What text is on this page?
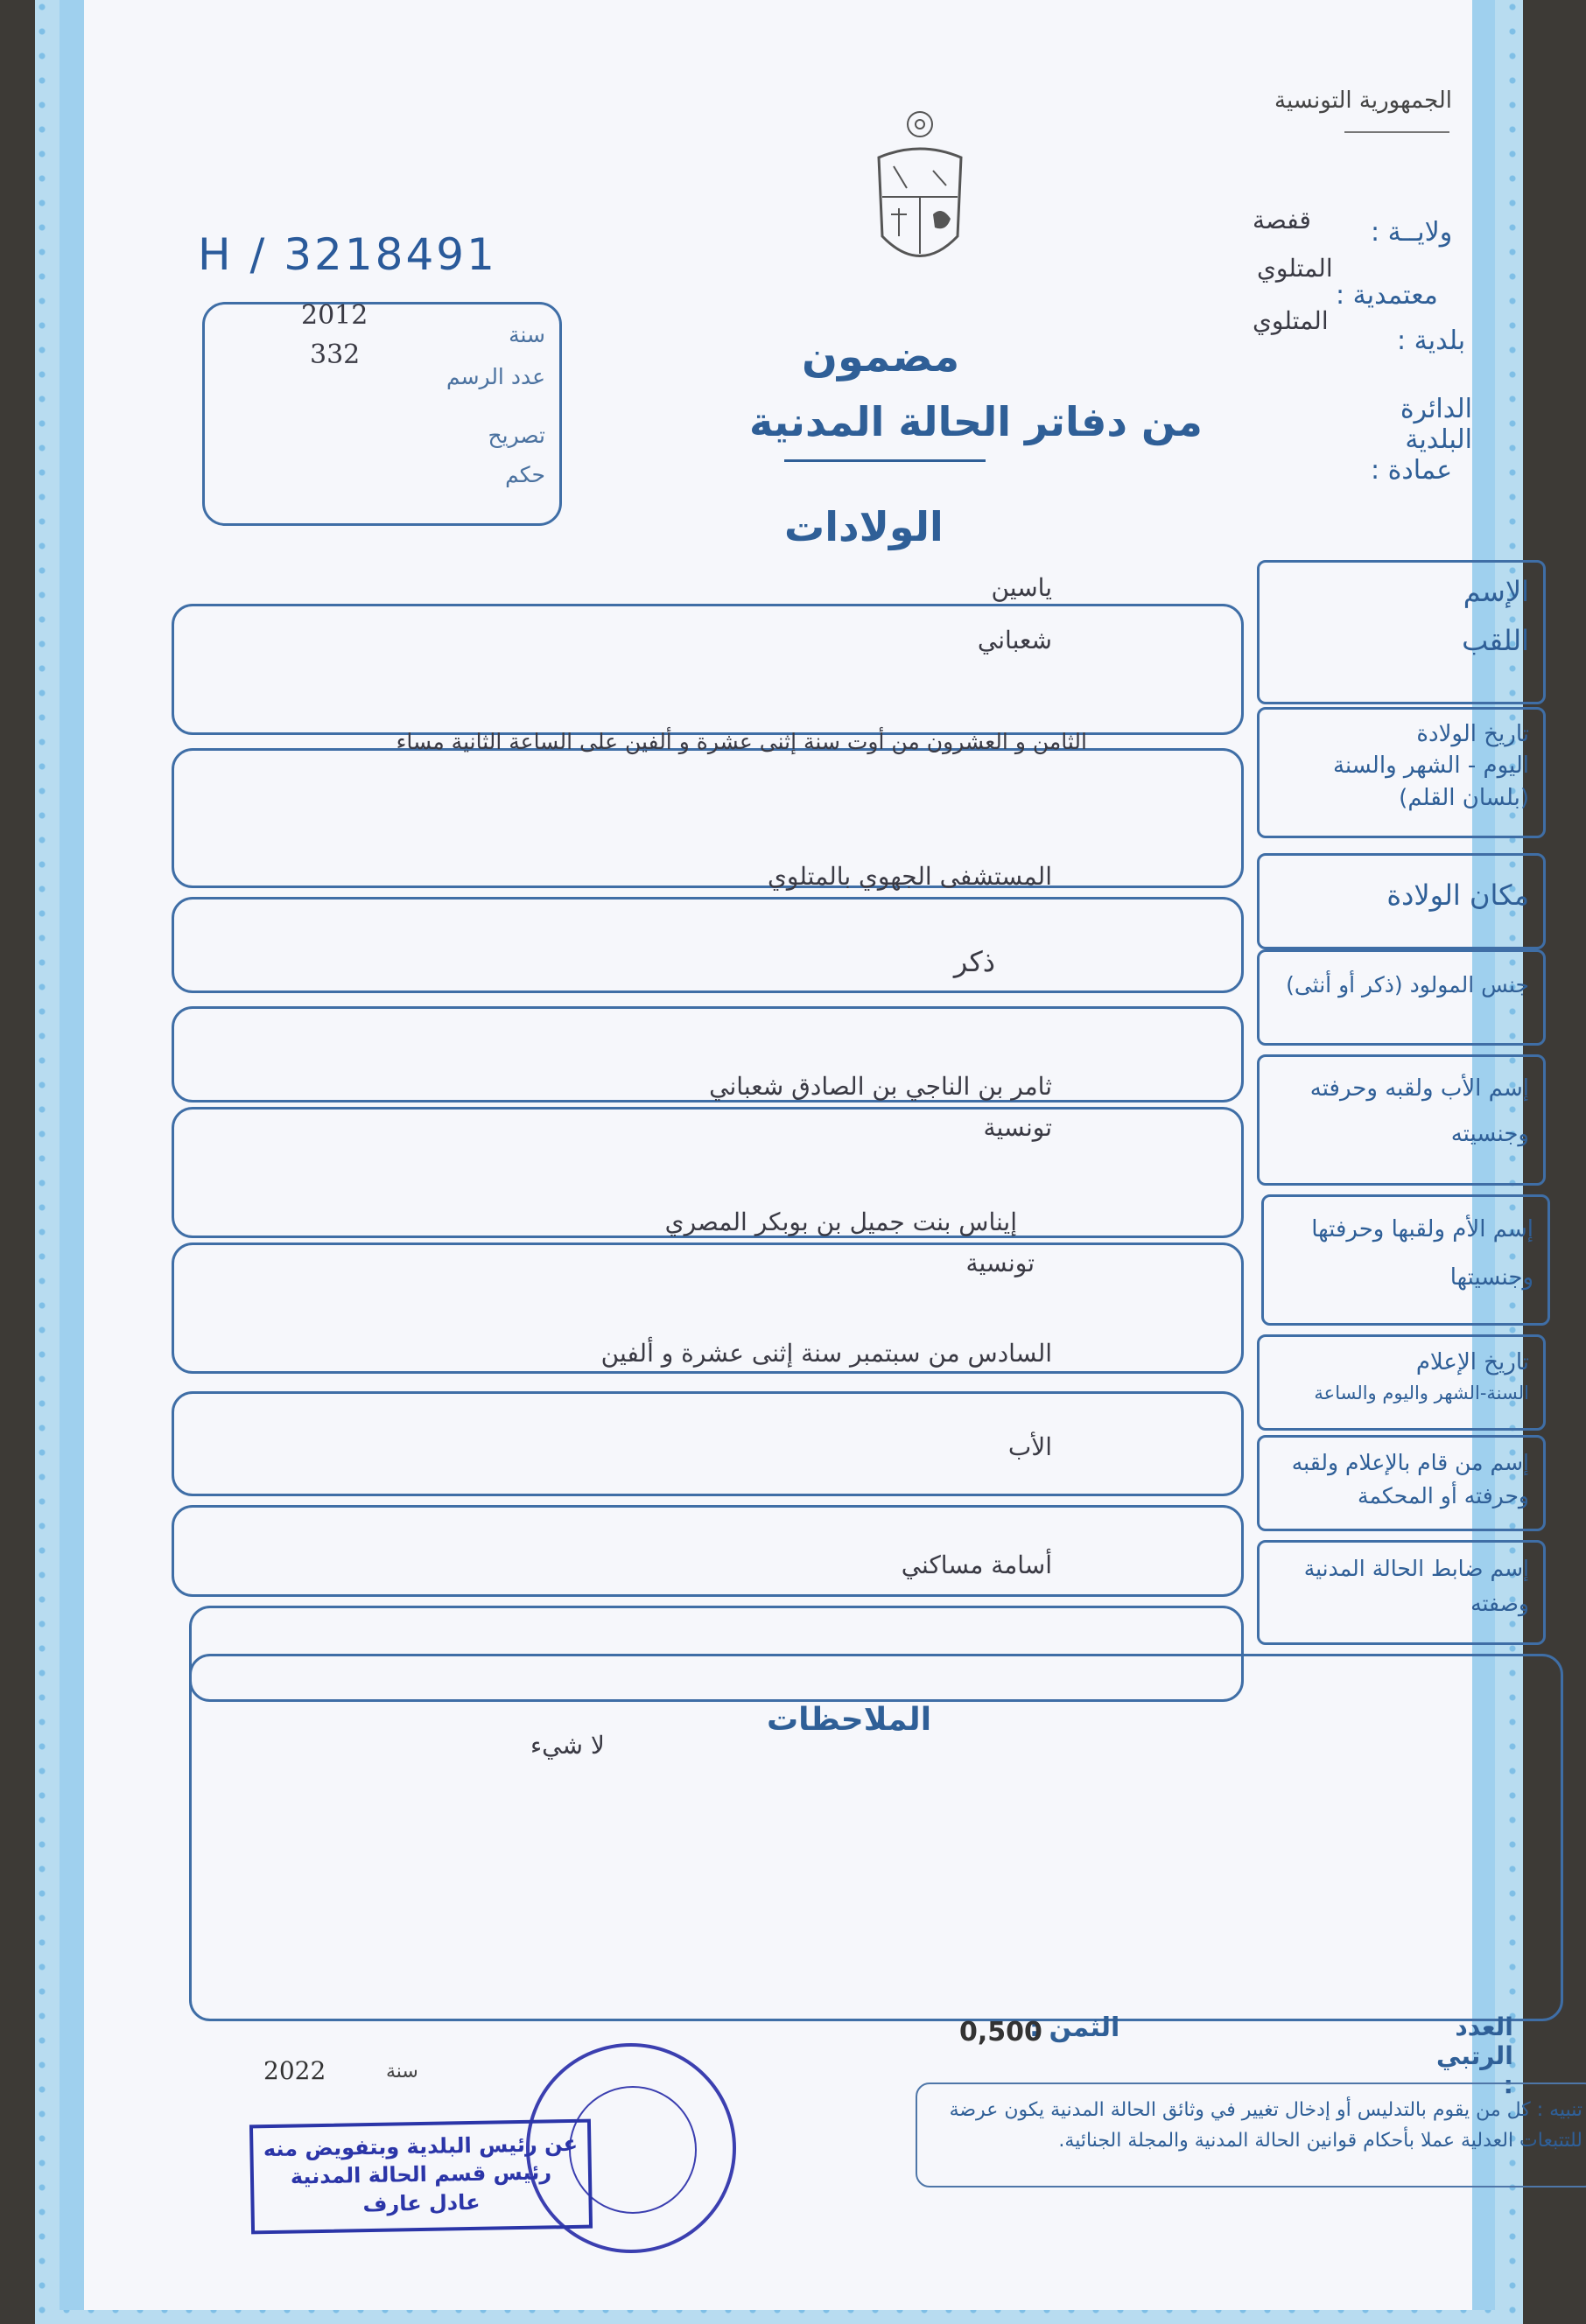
H / 3218491
سنة
2012
عدد الرسم
332
تصريح
حكم
الجمهورية التونسية
ولايــة :
قفصة
معتمدية :
المتلوي
بلدية :
المتلوي
الدائرة البلدية
عمادة :
مضمون
من دفاتر الحالة المدنية
الولادات
الإسم
اللقب
ياسين
شعباني
تاريخ الولادة
اليوم - الشهر والسنة
(بلسان القلم)
الثامن و العشرون من أوت سنة إثنى عشرة و ألفين على الساعة الثانية مساء
مكان الولادة
المستشفى الجهوي بالمتلوي
جنس المولود (ذكر أو أنثى)
ذكر
إسم الأب ولقبه وحرفته
وجنسيته
ثامر بن الناجي بن الصادق شعباني
تونسية
إسم الأم ولقبها وحرفتها
وجنسيتها
إيناس بنت جميل بن بوبكر المصري
تونسية
تاريخ الإعلام
السنة-الشهر واليوم والساعة
السادس من سبتمبر سنة إثنى عشرة و ألفين
إسم من قام بالإعلام ولقبه
وحرفته أو المحكمة
الأب
إسم ضابط الحالة المدنية
وصفته
أسامة مساكني
الملاحظات
لا شيء
العدد الرتبي :
الثمن :
0,500
سنة
2022
تنبيه : كل من يقوم بالتدليس أو إدخال تغيير في وثائق الحالة المدنية يكون عرضة
للتتبعات العدلية عملا بأحكام قوانين الحالة المدنية والمجلة الجنائية.
عن رئيس البلدية وبتفويض منه
رئيس قسم الحالة المدنية
عادل عارف
